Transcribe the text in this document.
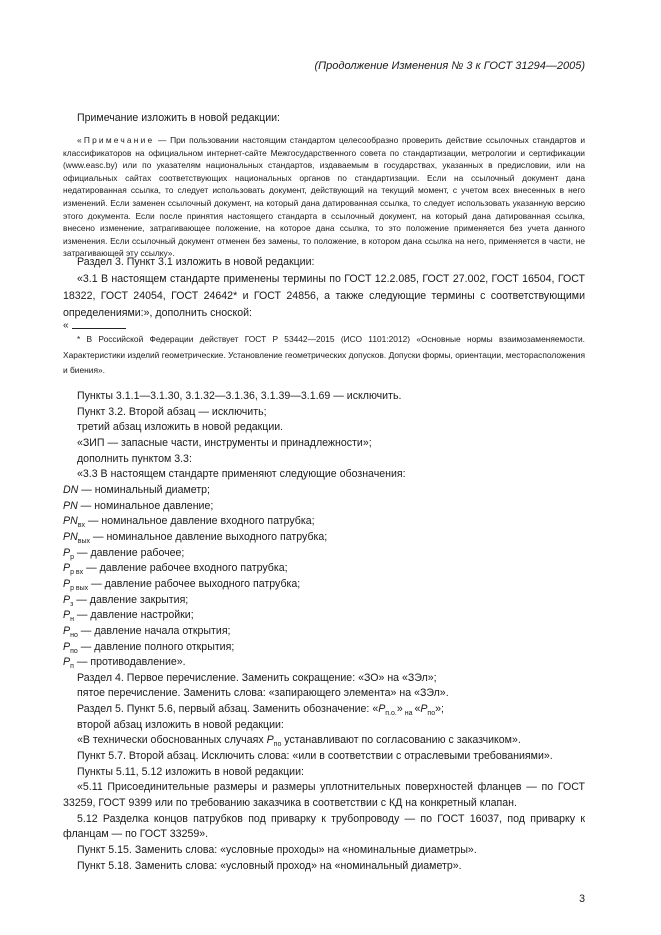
(Продолжение Изменения № 3 к ГОСТ 31294—2005)
Примечание изложить в новой редакции:
«Примечание — При пользовании настоящим стандартом целесообразно проверить действие ссылочных стандартов и классификаторов на официальном интернет-сайте Межгосударственного совета по стандартизации, метрологии и сертификации (www.easc.by) или по указателям национальных стандартов, издаваемым в государствах, указанных в предисловии, или на официальных сайтах соответствующих национальных органов по стандартизации. Если на ссылочный документ дана недатированная ссылка, то следует использовать документ, действующий на текущий момент, с учетом всех внесенных в него изменений. Если заменен ссылочный документ, на который дана датированная ссылка, то следует использовать указанную версию этого документа. Если после принятия настоящего стандарта в ссылочный документ, на который дана датированная ссылка, внесено изменение, затрагивающее положение, на которое дана ссылка, то это положение применяется без учета данного изменения. Если ссылочный документ отменен без замены, то положение, в котором дана ссылка на него, применяется в части, не затрагивающей эту ссылку».
Раздел 3. Пункт 3.1 изложить в новой редакции:
«3.1 В настоящем стандарте применены термины по ГОСТ 12.2.085, ГОСТ 27.002, ГОСТ 16504, ГОСТ 18322, ГОСТ 24054, ГОСТ 24642* и ГОСТ 24856, а также следующие термины с соответствующими определениями:», дополнить сноской:
«
* В Российской Федерации действует ГОСТ Р 53442—2015 (ИСО 1101:2012) «Основные нормы взаимозаменяемости. Характеристики изделий геометрические. Установление геометрических допусков. Допуски формы, ориентации, месторасположения и биения».
Пункты 3.1.1—3.1.30, 3.1.32—3.1.36, 3.1.39—3.1.69 — исключить.
Пункт 3.2. Второй абзац — исключить;
третий абзац изложить в новой редакции.
«ЗИП — запасные части, инструменты и принадлежности»;
дополнить пунктом 3.3:
«3.3 В настоящем стандарте применяют следующие обозначения:
DN — номинальный диаметр;
PN — номинальное давление;
$PN_{вх}$ — номинальное давление входного патрубка;
$PN_{вых}$ — номинальное давление выходного патрубка;
$P_р$ — давление рабочее;
$P_{р вх}$ — давление рабочее входного патрубка;
$P_{р вых}$ — давление рабочее выходного патрубка;
$P_з$ — давление закрытия;
$P_н$ — давление настройки;
$P_{но}$ — давление начала открытия;
$P_{по}$ — давление полного открытия;
$P_п$ — противодавление».
Раздел 4. Первое перечисление. Заменить сокращение: «ЗО» на «ЗЭл»;
пятое перечисление. Заменить слова: «запирающего элемента» на «ЗЭл».
Раздел 5. Пункт 5.6, первый абзац. Заменить обозначение: «$P_{п.о.}$» $_{на}$ «$P_{по}$»;
второй абзац изложить в новой редакции:
«В технически обоснованных случаях $P_{по}$ устанавливают по согласованию с заказчиком».
Пункт 5.7. Второй абзац. Исключить слова: «или в соответствии с отраслевыми требованиями».
Пункты 5.11, 5.12 изложить в новой редакции:
«5.11 Присоединительные размеры и размеры уплотнительных поверхностей фланцев — по ГОСТ 33259, ГОСТ 9399 или по требованию заказчика в соответствии с КД на конкретный клапан.
5.12 Разделка концов патрубков под приварку к трубопроводу — по ГОСТ 16037, под приварку к фланцам — по ГОСТ 33259».
Пункт 5.15. Заменить слова: «условные проходы» на «номинальные диаметры».
Пункт 5.18. Заменить слова: «условный проход» на «номинальный диаметр».
3
